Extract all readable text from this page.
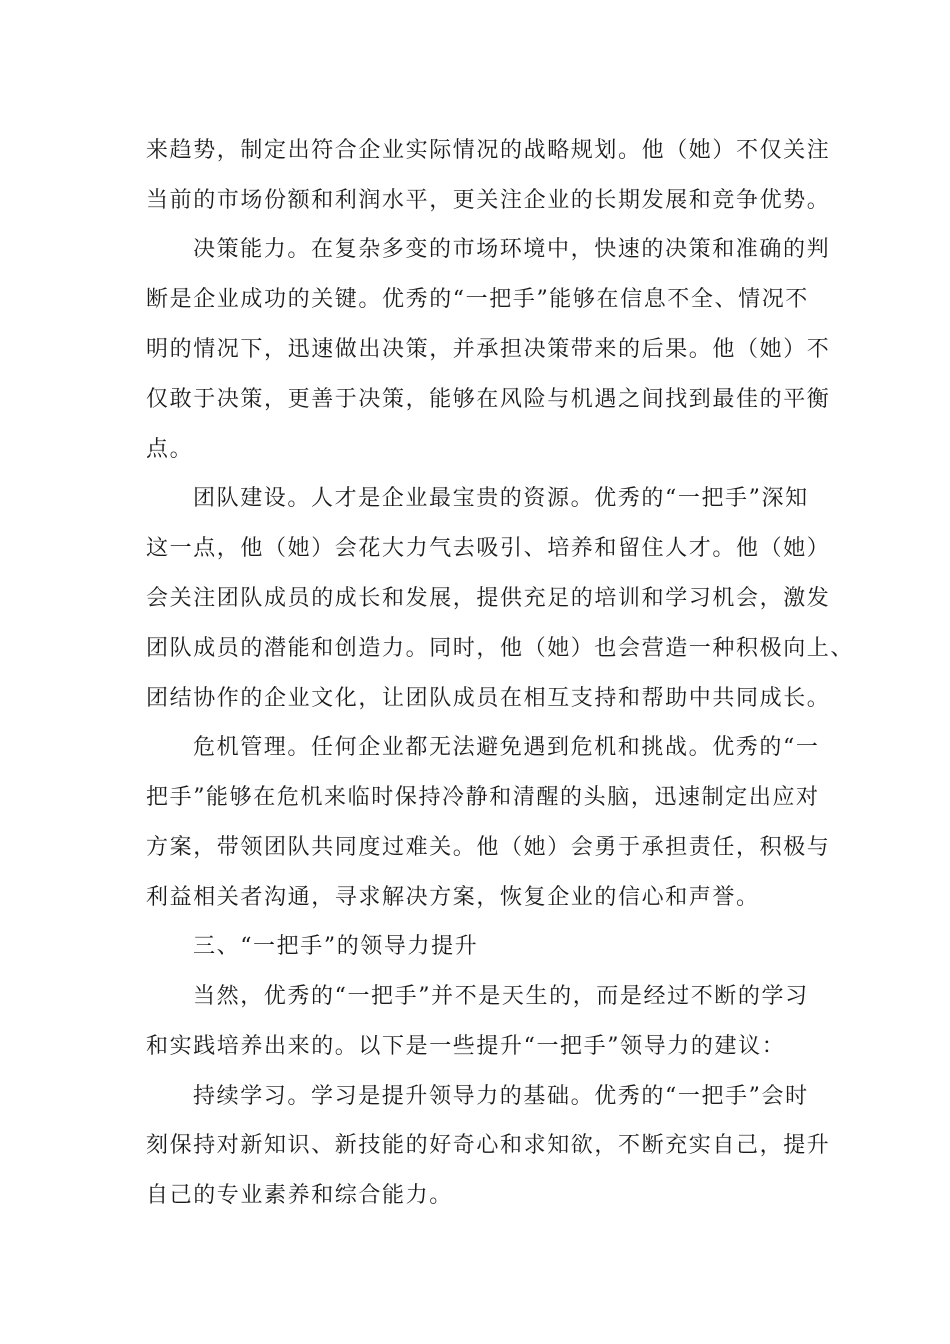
来趋势，制定出符合企业实际情况的战略规划。他（她）不仅关注

当前的市场份额和利润水平，更关注企业的长期发展和竞争优势。

决策能力。在复杂多变的市场环境中，快速的决策和准确的判

断是企业成功的关键。优秀的“一把手”能够在信息不全、情况不

明的情况下，迅速做出决策，并承担决策带来的后果。他（她）不

仅敢于决策，更善于决策，能够在风险与机遇之间找到最佳的平衡

点。

团队建设。人才是企业最宝贵的资源。优秀的“一把手”深知

这一点，他（她）会花大力气去吸引、培养和留住人才。他（她）

会关注团队成员的成长和发展，提供充足的培训和学习机会，激发

团队成员的潜能和创造力。同时，他（她）也会营造一种积极向上、

团结协作的企业文化，让团队成员在相互支持和帮助中共同成长。

危机管理。任何企业都无法避免遇到危机和挑战。优秀的“一

把手”能够在危机来临时保持冷静和清醒的头脑，迅速制定出应对

方案，带领团队共同度过难关。他（她）会勇于承担责任，积极与

利益相关者沟通，寻求解决方案，恢复企业的信心和声誉。

三、“一把手”的领导力提升

当然，优秀的“一把手”并不是天生的，而是经过不断的学习

和实践培养出来的。以下是一些提升“一把手”领导力的建议：

持续学习。学习是提升领导力的基础。优秀的“一把手”会时

刻保持对新知识、新技能的好奇心和求知欲，不断充实自己，提升

自己的专业素养和综合能力。
